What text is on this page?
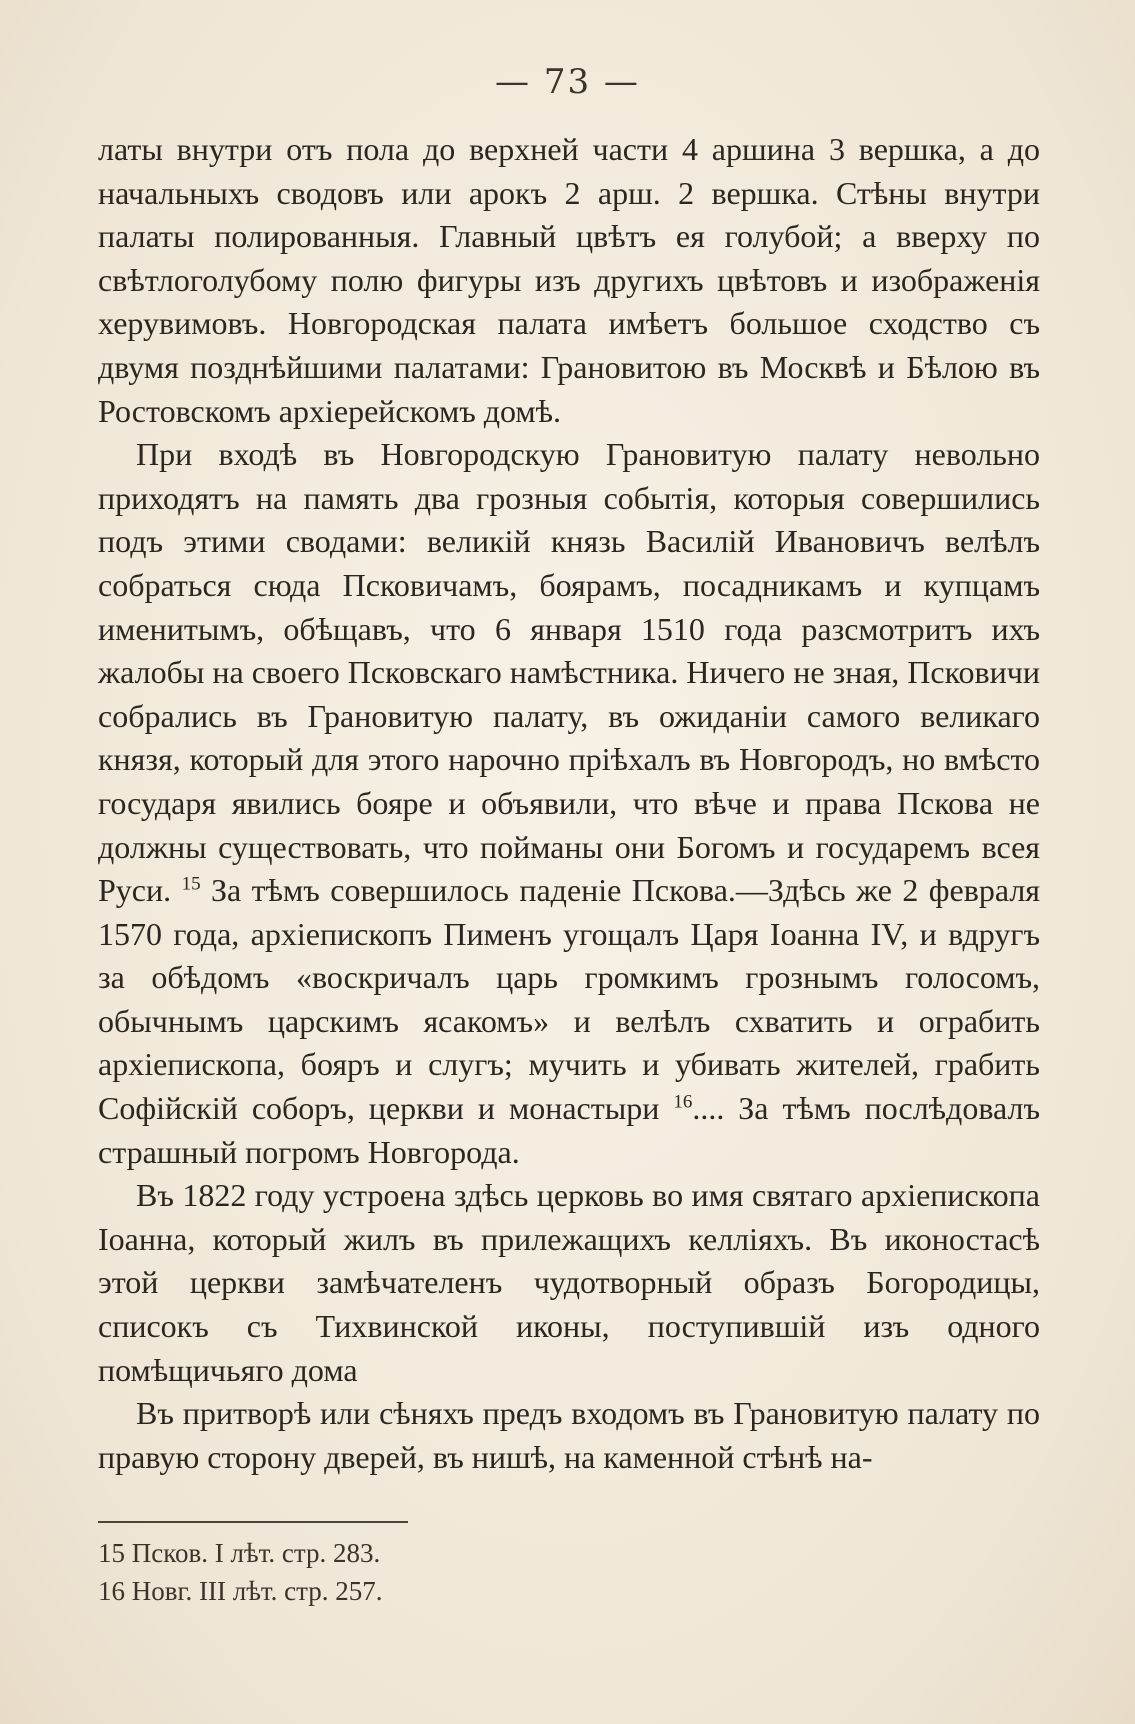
— 73 —

латы внутри отъ пола до верхней части 4 аршина 3 вершка, а до начальныхъ сводовъ или арокъ 2 арш. 2 вершка. Стѣны внутри палаты полированныя. Главный цвѣтъ ея голубой; а вверху по свѣтлоголубому полю фигуры изъ другихъ цвѣтовъ и изображенія херувимовъ. Новгородская палата имѣетъ большое сходство съ двумя позднѣйшими палатами: Грановитою въ Москвѣ и Бѣлою въ Ростовскомъ архiерейскомъ домѣ.

При входѣ въ Новгородскую Грановитую палату невольно приходятъ на память два грозныя событія, которыя совершились подъ этими сводами: великій князь Василій Ивановичъ велѣлъ собраться сюда Псковичамъ, боярамъ, посадникамъ и купцамъ именитымъ, обѣщавъ, что 6 января 1510 года разсмотритъ ихъ жалобы на своего Псковскаго намѣстника. Ничего не зная, Псковичи собрались въ Грановитую палату, въ ожиданіи самого великаго князя, который для этого нарочно пріѣхалъ въ Новгородъ, но вмѣсто государя явились бояре и объявили, что вѣче и права Пскова не должны существовать, что пойманы они Богомъ и государемъ всея Руси. $^{15}$ За тѣмъ совершилось паденіе Пскова.—Здѣсь же 2 февраля 1570 года, архіепископъ Пименъ угощалъ Царя Іоанна IV, и вдругъ за обѣдомъ «воскричалъ царь громкимъ грознымъ голосомъ, обычнымъ царскимъ ясакомъ» и велѣлъ схватить и ограбить архіепископа, бояръ и слугъ; мучить и убивать жителей, грабить Софійскій соборъ, церкви и монастыри $^{16}$.... За тѣмъ послѣдовалъ страшный погромъ Новгорода.

Въ 1822 году устроена здѣсь церковь во имя святаго архіепископа Іоанна, который жилъ въ прилежащихъ келліяхъ. Въ иконостасѣ этой церкви замѣчателенъ чудотворный образъ Богородицы, списокъ съ Тихвинской иконы, поступившій изъ одного помѣщичьяго дома

Въ притворѣ или сѣняхъ предъ входомъ въ Грановитую палату по правую сторону дверей, въ нишѣ, на каменной стѣнѣ на-

15 Псков. I лѣт. стр. 283.
16 Новг. III лѣт. стр. 257.
